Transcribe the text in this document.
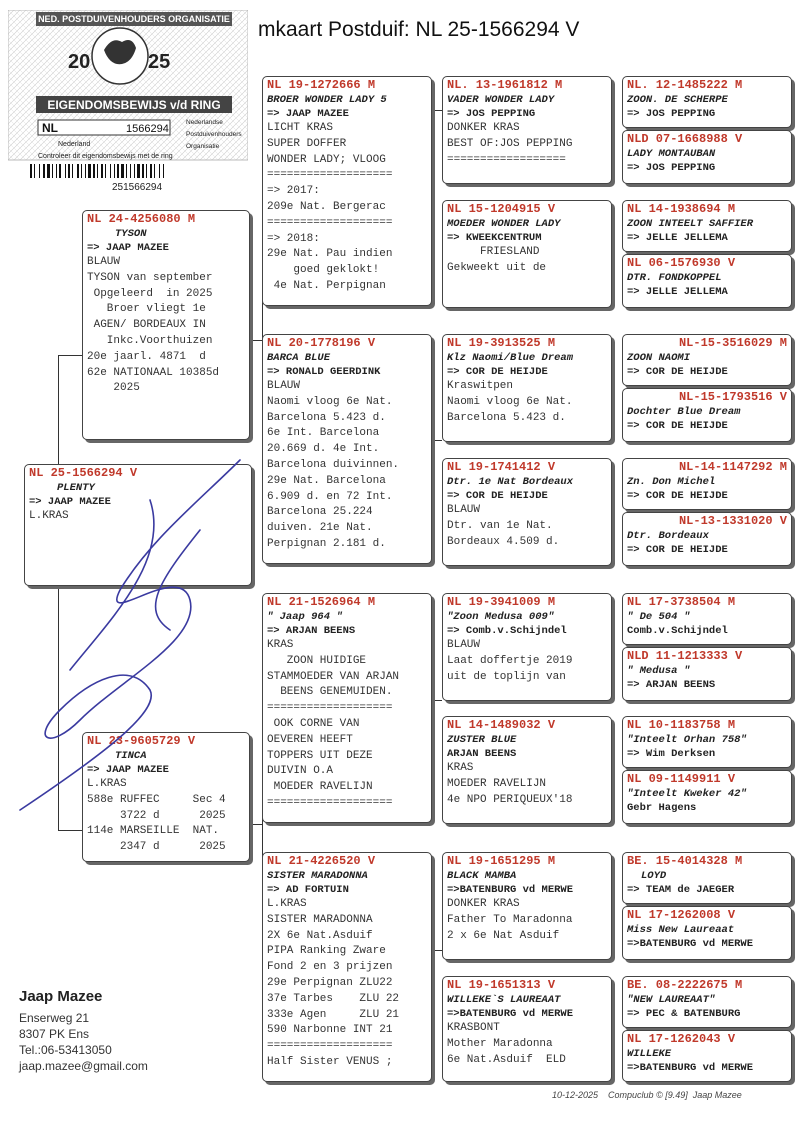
mkaart Postduif: NL 25-1566294 V
NED. POSTDUIVENHOUDERS ORGANISATIE
20	25
EIGENDOMSBEWIJS v/d RING
NL	1566294
Nederland
Nederlandse
Postduivenhouders
Organisatie
Controleer dit eigendomsbewijs met de ring
251566294
NL 25-1566294 V
PLENTY
=> JAAP MAZEE
L.KRAS
NL 24-4256080 M
TYSON
=> JAAP MAZEE
BLAUW
TYSON van september
Opgeleerd  in 2025
Broer vliegt 1e
AGEN/ BORDEAUX IN
Inkc.Voorthuizen
20e jaarl. 4871  d
62e NATIONAAL 10385d
2025
NL 23-9605729 V
TINCA
=> JAAP MAZEE
L.KRAS
588e RUFFEC     Sec 4
3722 d      2025
114e MARSEILLE  NAT.
2347 d      2025
NL 19-1272666 M
BROER WONDER LADY 5
=> JAAP MAZEE
LICHT KRAS
SUPER DOFFER
WONDER LADY; VLOOG
===================
=> 2017:
209e Nat. Bergerac
===================
=> 2018:
29e Nat. Pau indien
goed geklokt!
4e Nat. Perpignan
NL 20-1778196 V
BARCA BLUE
=> RONALD GEERDINK
BLAUW
Naomi vloog 6e Nat.
Barcelona 5.423 d.
6e Int. Barcelona
20.669 d. 4e Int.
Barcelona duivinnen.
29e Nat. Barcelona
6.909 d. en 72 Int.
Barcelona 25.224
duiven. 21e Nat.
Perpignan 2.181 d.
NL 21-1526964 M
" Jaap 964 "
=> ARJAN BEENS
KRAS
ZOON HUIDIGE
STAMMOEDER VAN ARJAN
BEENS GENEMUIDEN.
===================
OOK CORNE VAN
OEVEREN HEEFT
TOPPERS UIT DEZE
DUIVIN O.A
MOEDER RAVELIJN
===================
NL 21-4226520 V
SISTER MARADONNA
=> AD FORTUIN
L.KRAS
SISTER MARADONNA
2X 6e Nat.Asduif
PIPA Ranking Zware
Fond 2 en 3 prijzen
29e Perpignan ZLU22
37e Tarbes    ZLU 22
333e Agen     ZLU 21
590 Narbonne INT 21
===================
Half Sister VENUS ;
NL. 13-1961812 M
VADER WONDER LADY
=> JOS PEPPING
DONKER KRAS
BEST OF:JOS PEPPING
==================
NL 15-1204915 V
MOEDER WONDER LADY
=> KWEEKCENTRUM
FRIESLAND
Gekweekt uit de
NL 19-3913525 M
Klz Naomi/Blue Dream
=> COR DE HEIJDE
Kraswitpen
Naomi vloog 6e Nat.
Barcelona 5.423 d.
NL 19-1741412 V
Dtr. 1e Nat Bordeaux
=> COR DE HEIJDE
BLAUW
Dtr. van 1e Nat.
Bordeaux 4.509 d.
NL 19-3941009 M
"Zoon Medusa 009"
=> Comb.v.Schijndel
BLAUW
Laat doffertje 2019
uit de toplijn van
NL 14-1489032 V
ZUSTER BLUE
ARJAN BEENS
KRAS
MOEDER RAVELIJN
4e NPO PERIQUEUX'18
NL 19-1651295 M
BLACK MAMBA
=>BATENBURG vd MERWE
DONKER KRAS
Father To Maradonna
2 x 6e Nat Asduif
NL 19-1651313 V
WILLEKE`S LAUREAAT
=>BATENBURG vd MERWE
KRASBONT
Mother Maradonna
6e Nat.Asduif  ELD
NL. 12-1485222 M
ZOON. DE SCHERPE
=> JOS PEPPING
NLD 07-1668988 V
LADY MONTAUBAN
=> JOS PEPPING
NL 14-1938694 M
ZOON INTEELT SAFFIER
=> JELLE JELLEMA
NL 06-1576930 V
DTR. FONDKOPPEL
=> JELLE JELLEMA
NL-15-3516029 M
ZOON NAOMI
=> COR DE HEIJDE
NL-15-1793516 V
Dochter Blue Dream
=> COR DE HEIJDE
NL-14-1147292 M
Zn. Don Michel
=> COR DE HEIJDE
NL-13-1331020 V
Dtr. Bordeaux
=> COR DE HEIJDE
NL 17-3738504 M
" De 504 "
Comb.v.Schijndel
NLD 11-1213333 V
" Medusa "
=> ARJAN BEENS
NL 10-1183758 M
"Inteelt Orhan 758"
=> Wim Derksen
NL 09-1149911 V
"Inteelt Kweker 42"
Gebr Hagens
BE. 15-4014328 M
LOYD
=> TEAM de JAEGER
NL 17-1262008 V
Miss New Laureaat
=>BATENBURG vd MERWE
BE. 08-2222675 M
"NEW LAUREAAT"
=> PEC & BATENBURG
NL 17-1262043 V
WILLEKE
=>BATENBURG vd MERWE
Jaap Mazee
Enserweg 21
8307 PK Ens
Tel.:06-53413050
jaap.mazee@gmail.com
10-12-2025    Compuclub © [9.49]  Jaap Mazee
